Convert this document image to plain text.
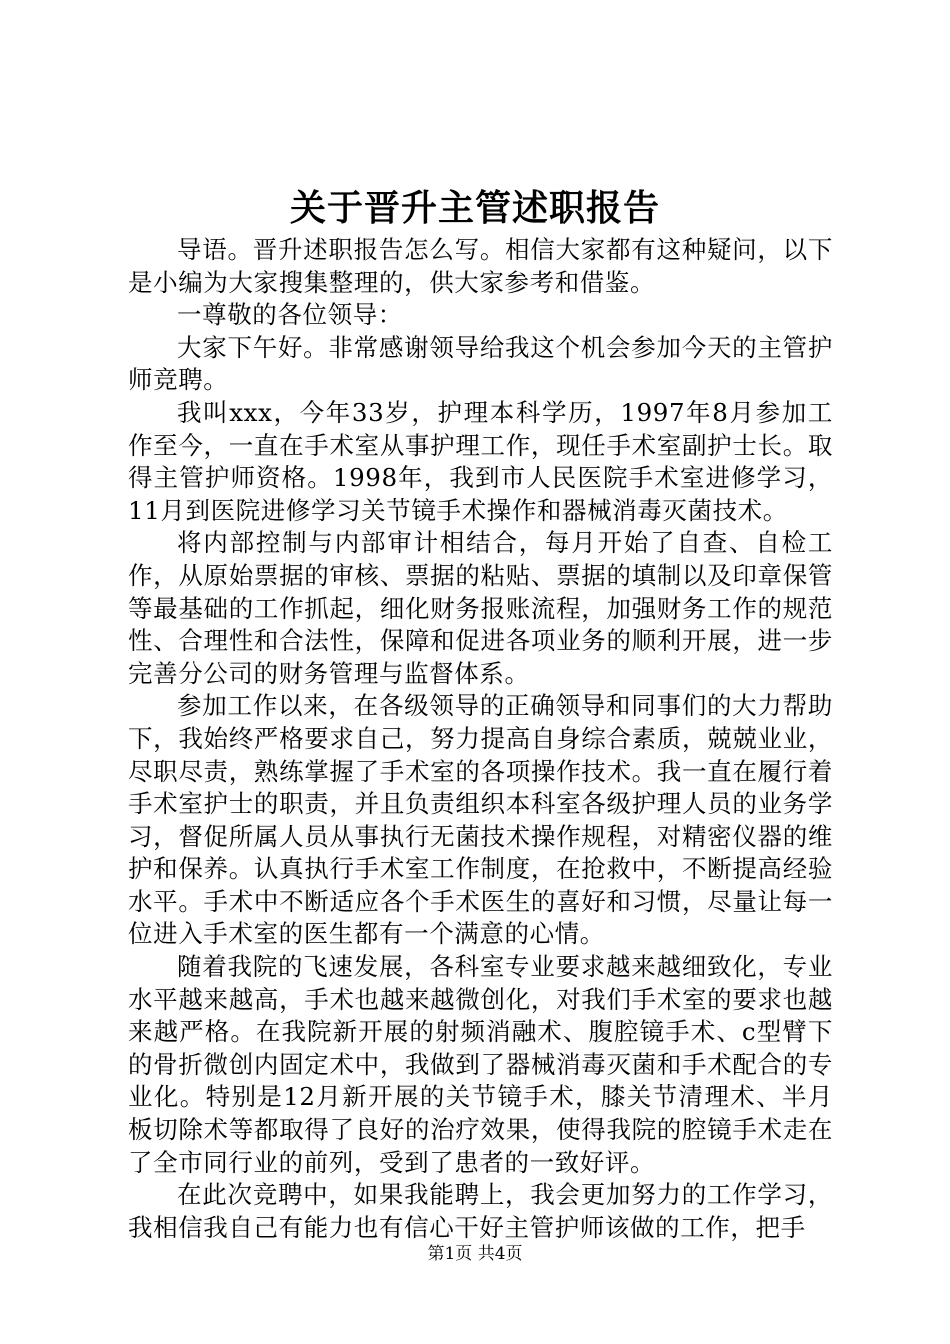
关于晋升主管述职报告

导语。晋升述职报告怎么写。相信大家都有这种疑问，以下是小编为大家搜集整理的，供大家参考和借鉴。

一尊敬的各位领导：

大家下午好。非常感谢领导给我这个机会参加今天的主管护师竞聘。

我叫xxx，今年33岁，护理本科学历，1997年8月参加工作至今，一直在手术室从事护理工作，现任手术室副护士长。取得主管护师资格。1998年，我到市人民医院手术室进修学习，11月到医院进修学习关节镜手术操作和器械消毒灭菌技术。

将内部控制与内部审计相结合，每月开始了自查、自检工作，从原始票据的审核、票据的粘贴、票据的填制以及印章保管等最基础的工作抓起，细化财务报账流程，加强财务工作的规范性、合理性和合法性，保障和促进各项业务的顺利开展，进一步完善分公司的财务管理与监督体系。

参加工作以来，在各级领导的正确领导和同事们的大力帮助下，我始终严格要求自己，努力提高自身综合素质，兢兢业业，尽职尽责，熟练掌握了手术室的各项操作技术。我一直在履行着手术室护士的职责，并且负责组织本科室各级护理人员的业务学习，督促所属人员从事执行无菌技术操作规程，对精密仪器的维护和保养。认真执行手术室工作制度，在抢救中，不断提高经验水平。手术中不断适应各个手术医生的喜好和习惯，尽量让每一位进入手术室的医生都有一个满意的心情。

随着我院的飞速发展，各科室专业要求越来越细致化，专业水平越来越高，手术也越来越微创化，对我们手术室的要求也越来越严格。在我院新开展的射频消融术、腹腔镜手术、c型臂下的骨折微创内固定术中，我做到了器械消毒灭菌和手术配合的专业化。特别是12月新开展的关节镜手术，膝关节清理术、半月板切除术等都取得了良好的治疗效果，使得我院的腔镜手术走在了全市同行业的前列，受到了患者的一致好评。

在此次竞聘中，如果我能聘上，我会更加努力的工作学习，我相信我自己有能力也有信心干好主管护师该做的工作，把手

第1页 共4页
